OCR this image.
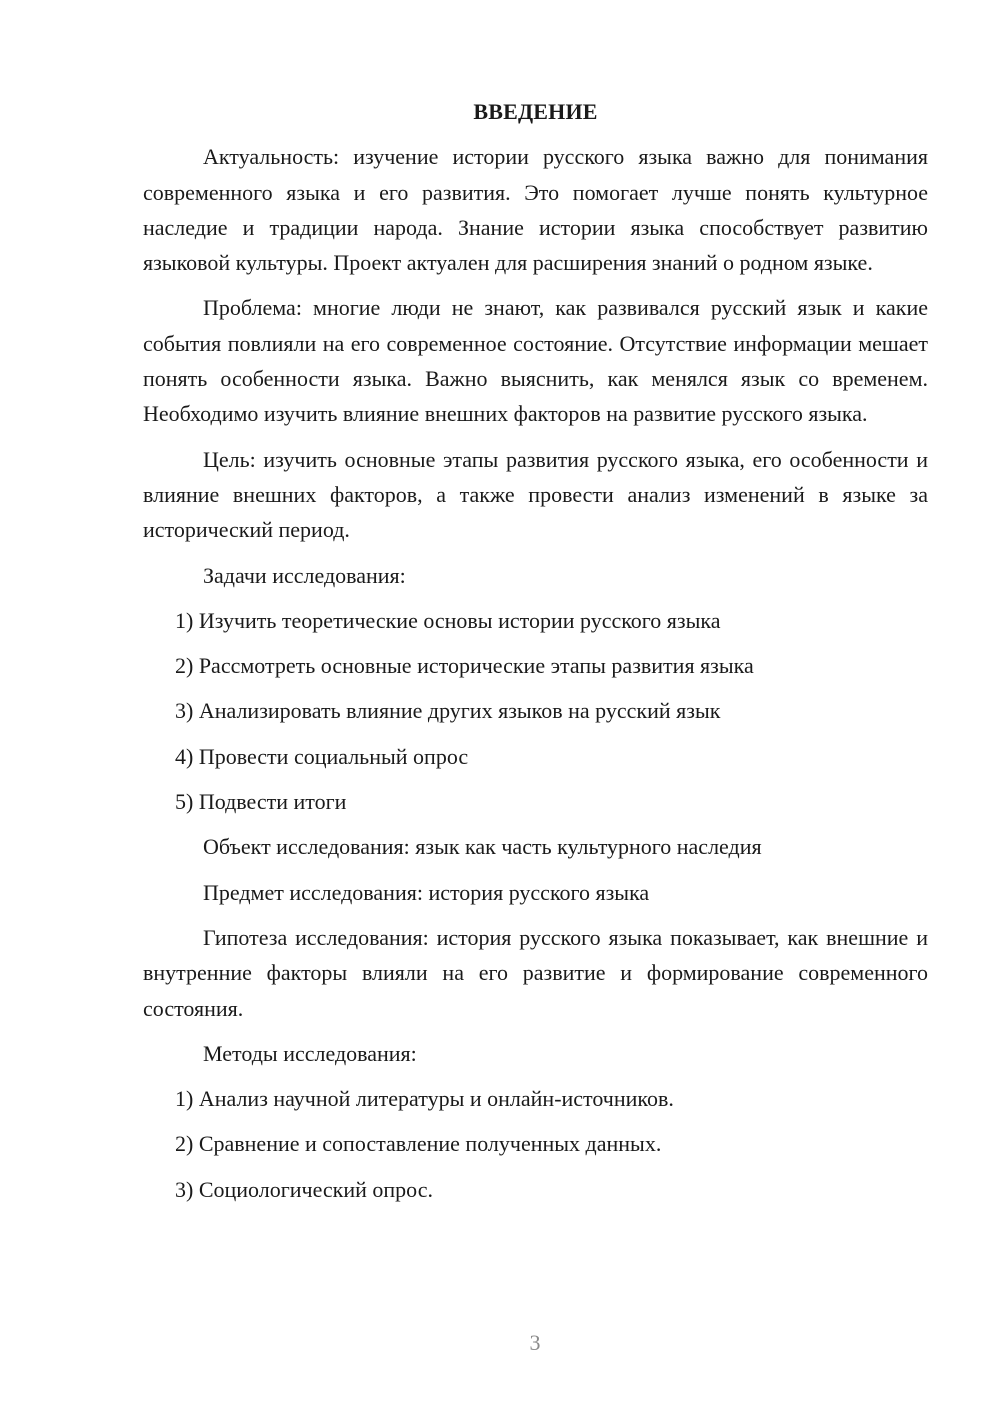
ВВЕДЕНИЕ

Актуальность: изучение истории русского языка важно для понимания современного языка и его развития. Это помогает лучше понять культурное наследие и традиции народа. Знание истории языка способствует развитию языковой культуры. Проект актуален для расширения знаний о родном языке.

Проблема: многие люди не знают, как развивался русский язык и какие события повлияли на его современное состояние. Отсутствие информации мешает понять особенности языка. Важно выяснить, как менялся язык со временем. Необходимо изучить влияние внешних факторов на развитие русского языка.

Цель: изучить основные этапы развития русского языка, его особенности и влияние внешних факторов, а также провести анализ изменений в языке за исторический период.

Задачи исследования:
1) Изучить теоретические основы истории русского языка
2) Рассмотреть основные исторические этапы развития языка
3) Анализировать влияние других языков на русский язык
4) Провести социальный опрос
5) Подвести итоги
Объект исследования: язык как часть культурного наследия
Предмет исследования: история русского языка

Гипотеза исследования: история русского языка показывает, как внешние и внутренние факторы влияли на его развитие и формирование современного состояния.

Методы исследования:
1) Анализ научной литературы и онлайн-источников.
2) Сравнение и сопоставление полученных данных.
3) Социологический опрос.
3
